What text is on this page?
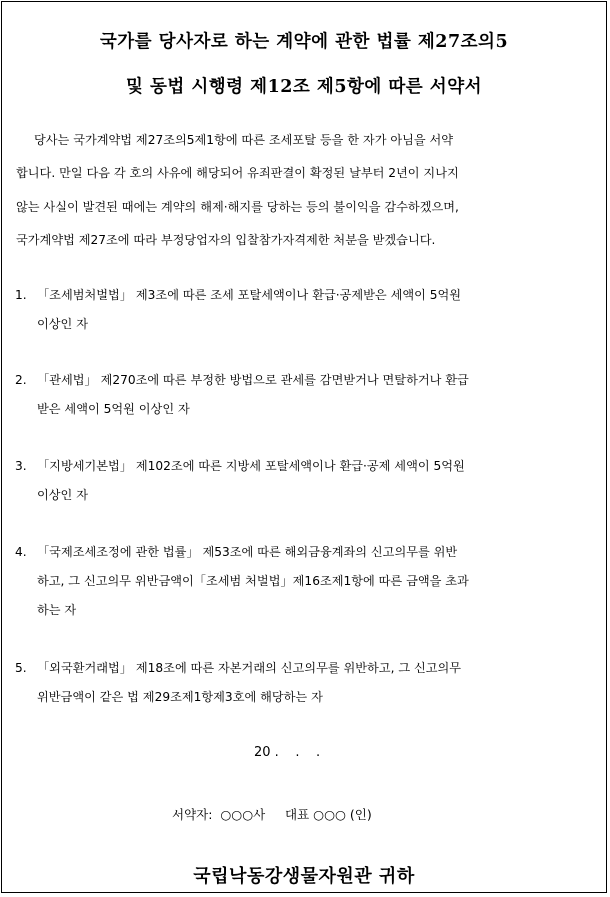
국가를 당사자로 하는 계약에 관한 법률 제27조의5
및 동법 시행령 제12조 제5항에 따른 서약서
당사는 국가계약법 제27조의5제1항에 따른 조세포탈 등을 한 자가 아님을 서약
합니다. 만일 다음 각 호의 사유에 해당되어 유죄판결이 확정된 날부터 2년이 지나지
않는 사실이 발견된 때에는 계약의 해제·해지를 당하는 등의 불이익을 감수하겠으며,
국가계약법 제27조에 따라 부정당업자의 입찰참가자격제한 처분을 받겠습니다.
1. 「조세범처벌법」 제3조에 따른 조세 포탈세액이나 환급·공제받은 세액이 5억원
이상인 자
2. 「관세법」 제270조에 따른 부정한 방법으로 관세를 감면받거나 면탈하거나 환급
받은 세액이 5억원 이상인 자
3. 「지방세기본법」 제102조에 따른 지방세 포탈세액이나 환급·공제 세액이 5억원
이상인 자
4. 「국제조세조정에 관한 법률」 제53조에 따른 해외금융계좌의 신고의무를 위반
하고, 그 신고의무 위반금액이「조세범 처벌법」제16조제1항에 따른 금액을 초과
하는 자
5. 「외국환거래법」 제18조에 따른 자본거래의 신고의무를 위반하고, 그 신고의무
위반금액이 같은 법 제29조제1항제3호에 해당하는 자
20 .    .    .
서약자:  ○○○사     대표 ○○○ (인)
국립낙동강생물자원관 귀하
